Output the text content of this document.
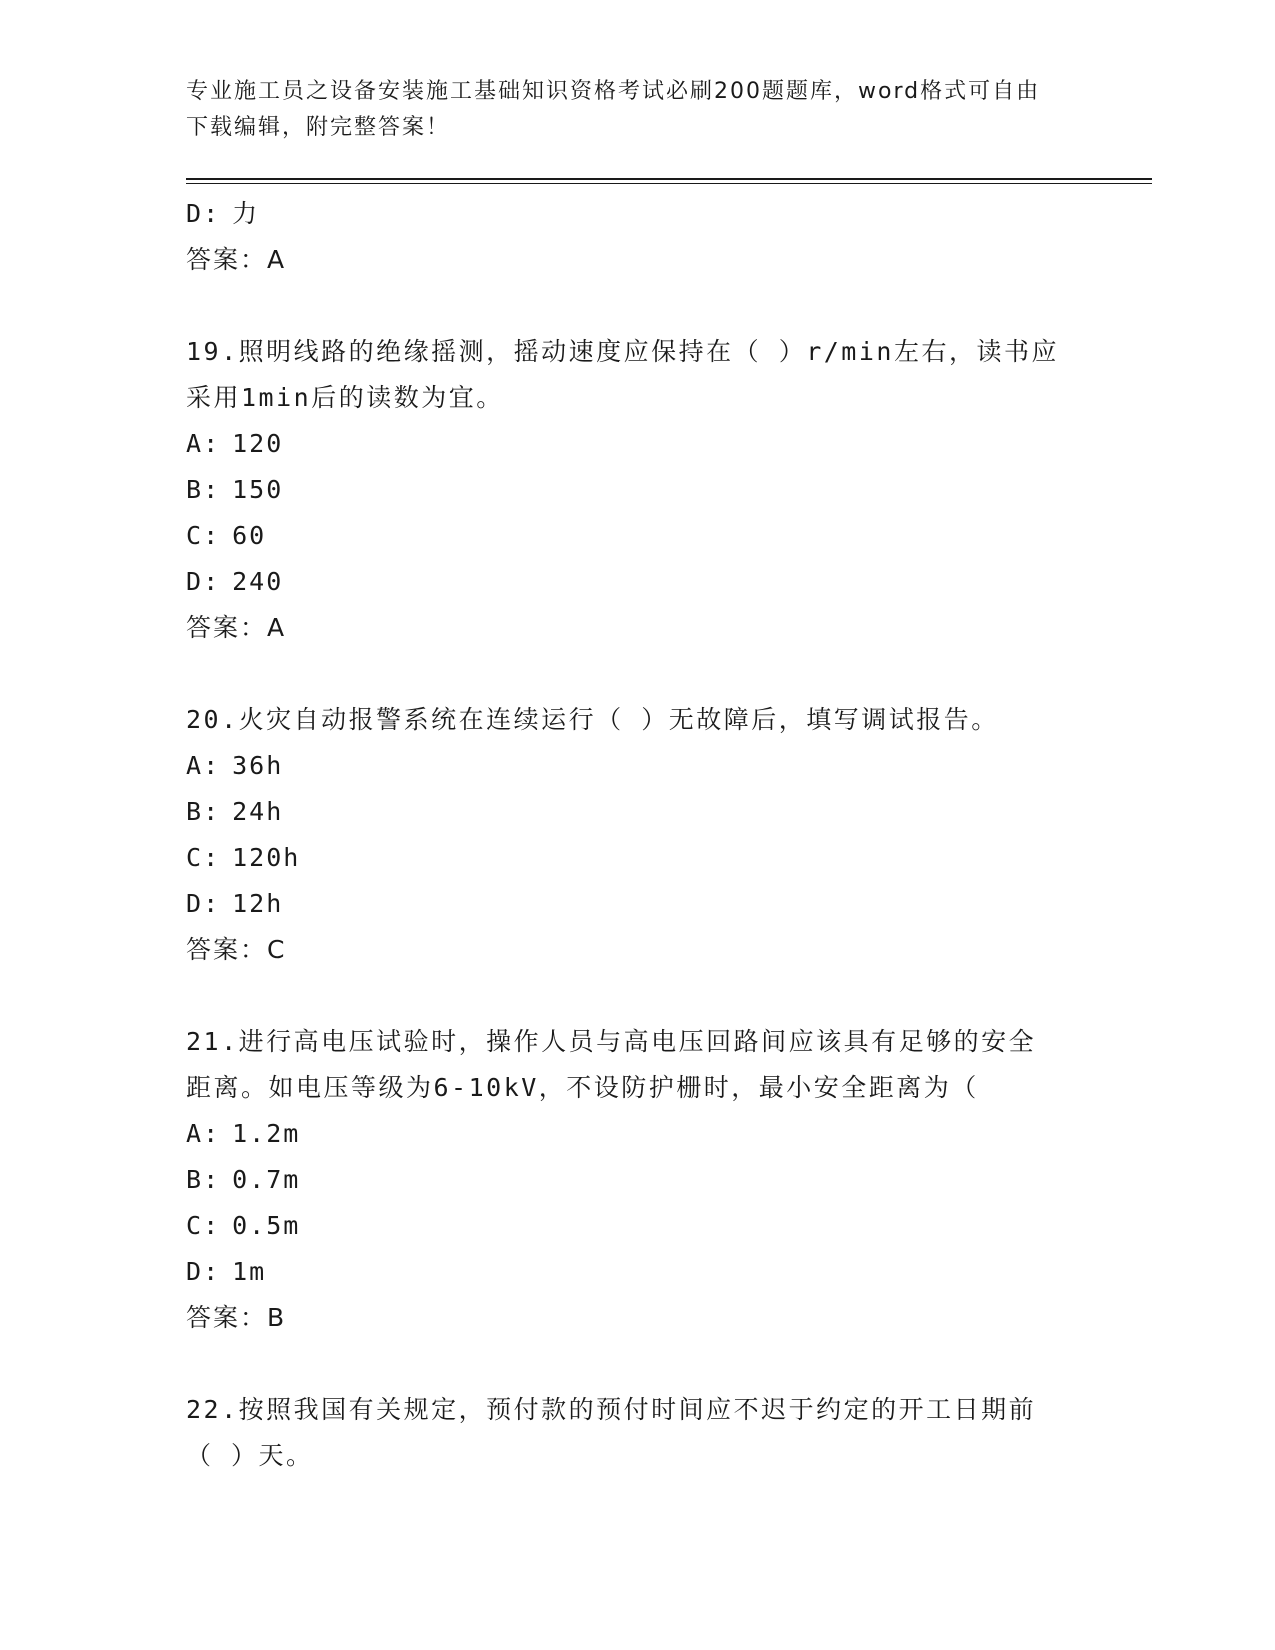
专业施工员之设备安装施工基础知识资格考试必刷200题题库，word格式可自由
下载编辑，附完整答案！
D: 力
答案：A
19.照明线路的绝缘摇测，摇动速度应保持在（ ）r/min左右，读书应
采用1min后的读数为宜。
A: 120
B: 150
C: 60
D: 240
答案：A
20.火灾自动报警系统在连续运行（ ）无故障后，填写调试报告。
A: 36h
B: 24h
C: 120h
D: 12h
答案：C
21.进行高电压试验时，操作人员与高电压回路间应该具有足够的安全
距离。如电压等级为6-10kV，不设防护栅时，最小安全距离为（
A: 1.2m
B: 0.7m
C: 0.5m
D: 1m
答案：B
22.按照我国有关规定，预付款的预付时间应不迟于约定的开工日期前
（ ）天。
